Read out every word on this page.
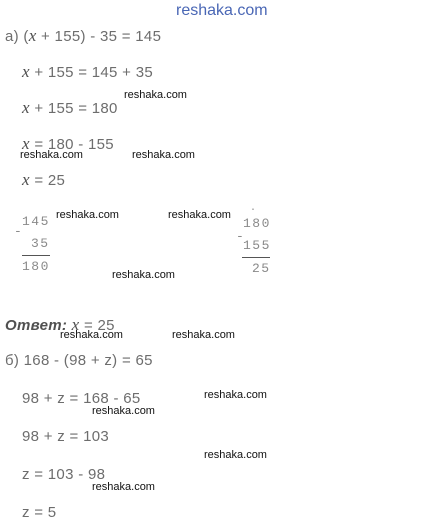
reshaka.com
а) (x + 155) - 35 = 145
x + 155 = 145 + 35
x + 155 = 180
x = 180 - 155
x = 25
-
145
35
180
-
·
180
155
25
Ответ: x = 25
б) 168 - (98 + z) = 65
98 + z = 168 - 65
98 + z = 103
z = 103 - 98
z = 5
reshaka.com
reshaka.com	reshaka.com
reshaka.com	reshaka.com
reshaka.com
reshaka.com	reshaka.com
reshaka.com
reshaka.com
reshaka.com
reshaka.com
